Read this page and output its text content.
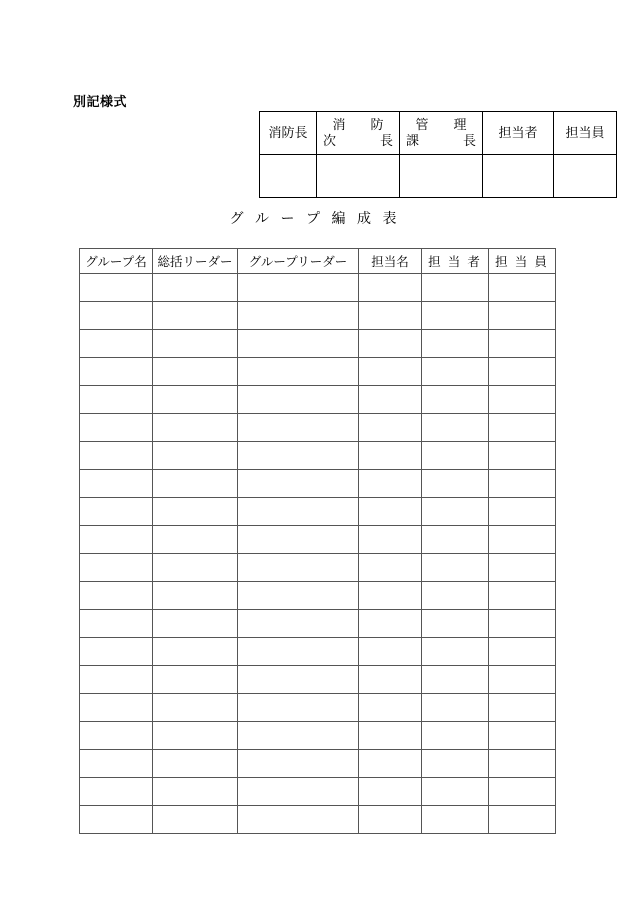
別記様式
消防長	消　防 次　　長	管　理 課　　長	担当者	担当員

グ ル ー プ 編 成 表
グループ名	総括リーダー	グループリーダー	担当名	担 当 者	担 当 員
